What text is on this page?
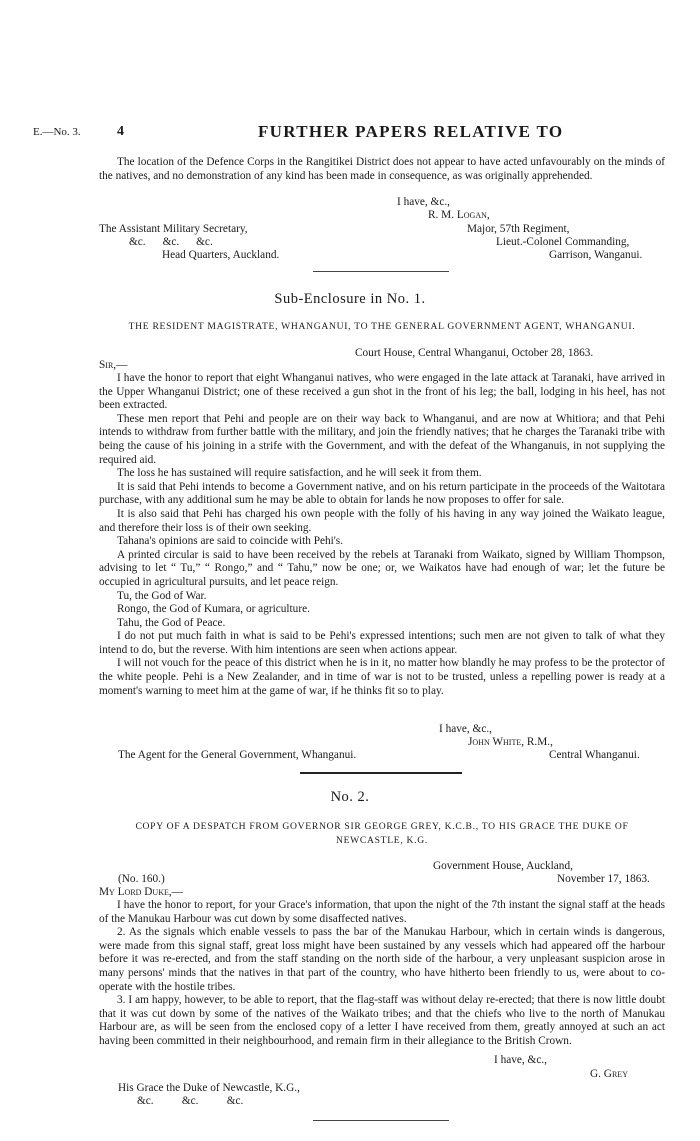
E.—No. 3.	4	FURTHER PAPERS RELATIVE TO

The location of the Defence Corps in the Rangitikei District does not appear to have acted unfavourably on the minds of the natives, and no demonstration of any kind has been made in consequence, as was originally apprehended.

I have, &c.,
R. M. Logan,
The Assistant Military Secretary,	Major, 57th Regiment,
&c.      &c.      &c.	Lieut.-Colonel Commanding,
Head Quarters, Auckland.	Garrison, Wanganui.
Sub-Enclosure in No. 1.
THE RESIDENT MAGISTRATE, WHANGANUI, TO THE GENERAL GOVERNMENT AGENT, WHANGANUI.
Court House, Central Whanganui, October 28, 1863.
Sir,—

I have the honor to report that eight Whanganui natives, who were engaged in the late attack at Taranaki, have arrived in the Upper Whanganui District; one of these received a gun shot in the front of his leg; the ball, lodging in his heel, has not been extracted.

These men report that Pehi and people are on their way back to Whanganui, and are now at Whitiora; and that Pehi intends to withdraw from further battle with the military, and join the friendly natives; that he charges the Taranaki tribe with being the cause of his joining in a strife with the Government, and with the defeat of the Whanganuis, in not supplying the required aid.

The loss he has sustained will require satisfaction, and he will seek it from them.

It is said that Pehi intends to become a Government native, and on his return participate in the proceeds of the Waitotara purchase, with any additional sum he may be able to obtain for lands he now proposes to offer for sale.

It is also said that Pehi has charged his own people with the folly of his having in any way joined the Waikato league, and therefore their loss is of their own seeking.

Tahana's opinions are said to coincide with Pehi's.

A printed circular is said to have been received by the rebels at Taranaki from Waikato, signed by William Thompson, advising to let “ Tu,” “ Rongo,” and “ Tahu,” now be one; or, we Waikatos have had enough of war; let the future be occupied in agricultural pursuits, and let peace reign.

Tu, the God of War.

Rongo, the God of Kumara, or agriculture.

Tahu, the God of Peace.

I do not put much faith in what is said to be Pehi's expressed intentions; such men are not given to talk of what they intend to do, but the reverse. With him intentions are seen when actions appear.

I will not vouch for the peace of this district when he is in it, no matter how blandly he may profess to be the protector of the white people. Pehi is a New Zealander, and in time of war is not to be trusted, unless a repelling power is ready at a moment's warning to meet him at the game of war, if he thinks fit so to play.

I have, &c.,
John White, R.M.,
The Agent for the General Government, Whanganui.	Central Whanganui.
No. 2.
COPY OF A DESPATCH FROM GOVERNOR SIR GEORGE GREY, K.C.B., TO HIS GRACE THE DUKE OF
NEWCASTLE, K.G.
Government House, Auckland,
(No. 160.)	November 17, 1863.
My Lord Duke,—

I have the honor to report, for your Grace's information, that upon the night of the 7th instant the signal staff at the heads of the Manukau Harbour was cut down by some disaffected natives.

2. As the signals which enable vessels to pass the bar of the Manukau Harbour, which in certain winds is dangerous, were made from this signal staff, great loss might have been sustained by any vessels which had appeared off the harbour before it was re-erected, and from the staff standing on the north side of the harbour, a very unpleasant suspicion arose in many persons' minds that the natives in that part of the country, who have hitherto been friendly to us, were about to co-operate with the hostile tribes.

3. I am happy, however, to be able to report, that the flag-staff was without delay re-erected; that there is now little doubt that it was cut down by some of the natives of the Waikato tribes; and that the chiefs who live to the north of Manukau Harbour are, as will be seen from the enclosed copy of a letter I have received from them, greatly annoyed at such an act having been committed in their neighbourhood, and remain firm in their allegiance to the British Crown.

I have, &c.,
G. Grey
His Grace the Duke of Newcastle, K.G.,
&c.          &c.          &c.
